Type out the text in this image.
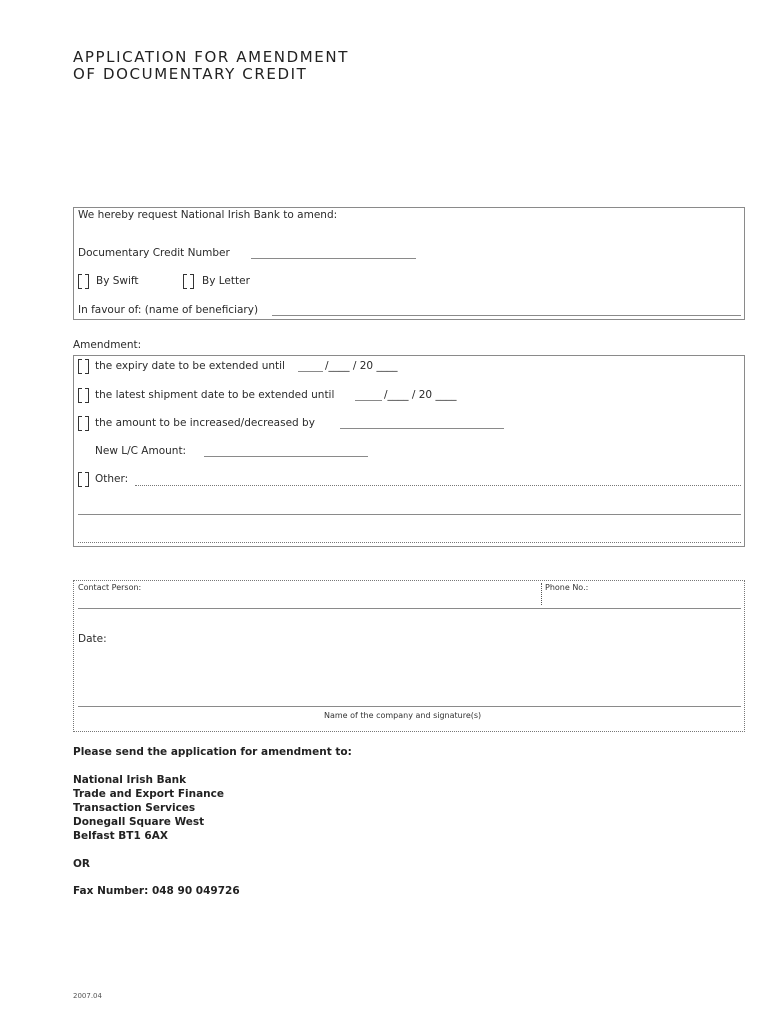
APPLICATION FOR AMENDMENT
OF DOCUMENTARY CREDIT
We hereby request National Irish Bank to amend:
Documentary Credit Number
By Swift	By Letter
In favour of: (name of beneficiary)
Amendment:
the expiry date to be extended until	/____ / 20 ____
the latest shipment date to be extended until	/____ / 20 ____
the amount to be increased/decreased by
New L/C Amount:
Other:
Contact Person:	Phone No.:
Date:
Name of the company and signature(s)
Please send the application for amendment to:
National Irish Bank
Trade and Export Finance
Transaction Services
Donegall Square West
Belfast BT1 6AX
OR
Fax Number: 048 90 049726
2007.04
